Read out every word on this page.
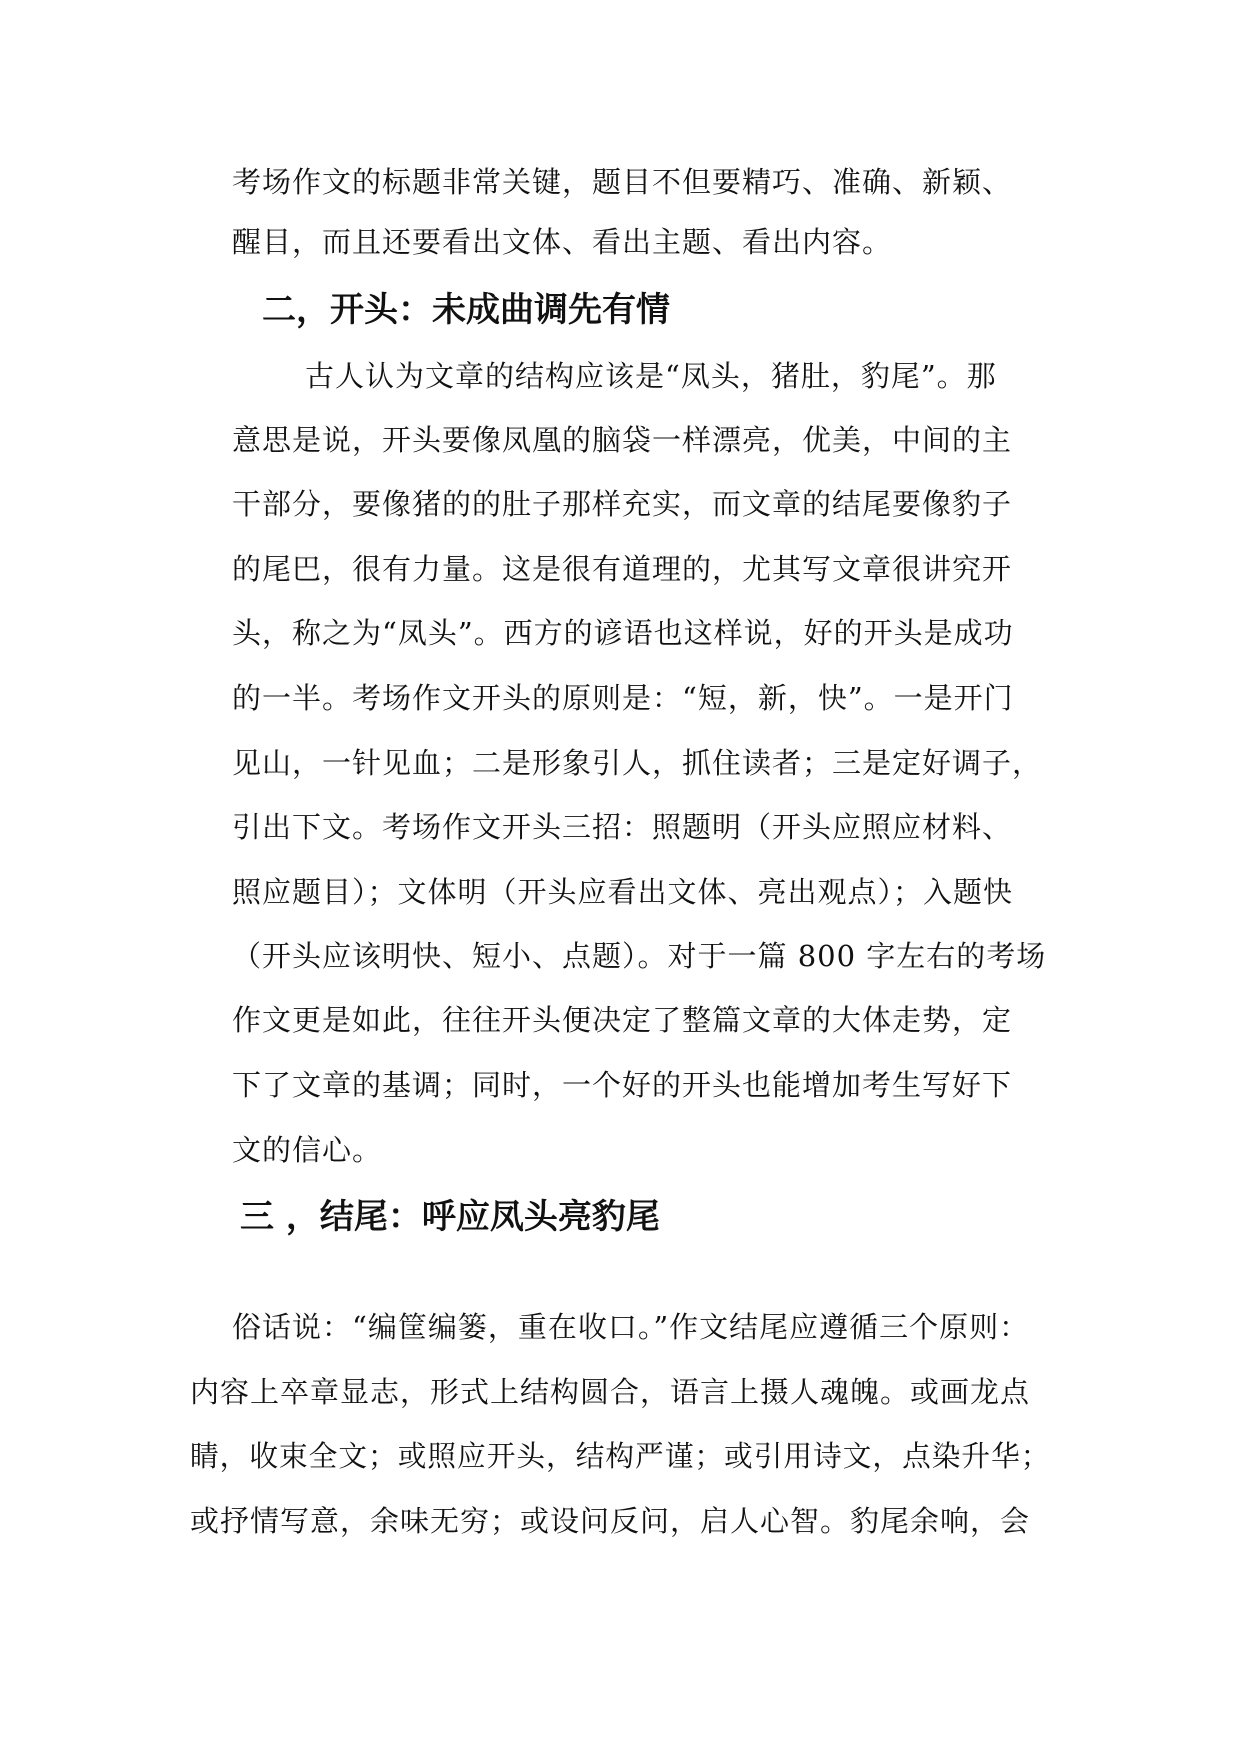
考场作文的标题非常关键，题目不但要精巧、准确、新颖、
醒目，而且还要看出文体、看出主题、看出内容。
二，开头：未成曲调先有情
古人认为文章的结构应该是“凤头，猪肚，豹尾”。那
意思是说，开头要像凤凰的脑袋一样漂亮，优美，中间的主
干部分，要像猪的的肚子那样充实，而文章的结尾要像豹子
的尾巴，很有力量。这是很有道理的，尤其写文章很讲究开
头，称之为“凤头”。西方的谚语也这样说，好的开头是成功
的一半。考场作文开头的原则是：“短，新，快”。一是开门
见山，一针见血；二是形象引人，抓住读者；三是定好调子，
引出下文。考场作文开头三招：照题明（开头应照应材料、
照应题目）；文体明（开头应看出文体、亮出观点）；入题快
（开头应该明快、短小、点题）。对于一篇 800 字左右的考场
作文更是如此，往往开头便决定了整篇文章的大体走势，定
下了文章的基调；同时，一个好的开头也能增加考生写好下
文的信心。
三 ，结尾：呼应凤头亮豹尾
俗话说：“编筐编篓，重在收口。”作文结尾应遵循三个原则：
内容上卒章显志，形式上结构圆合，语言上摄人魂魄。或画龙点
睛，收束全文；或照应开头，结构严谨；或引用诗文，点染升华；
或抒情写意，余味无穷；或设问反问，启人心智。豹尾余响，会
